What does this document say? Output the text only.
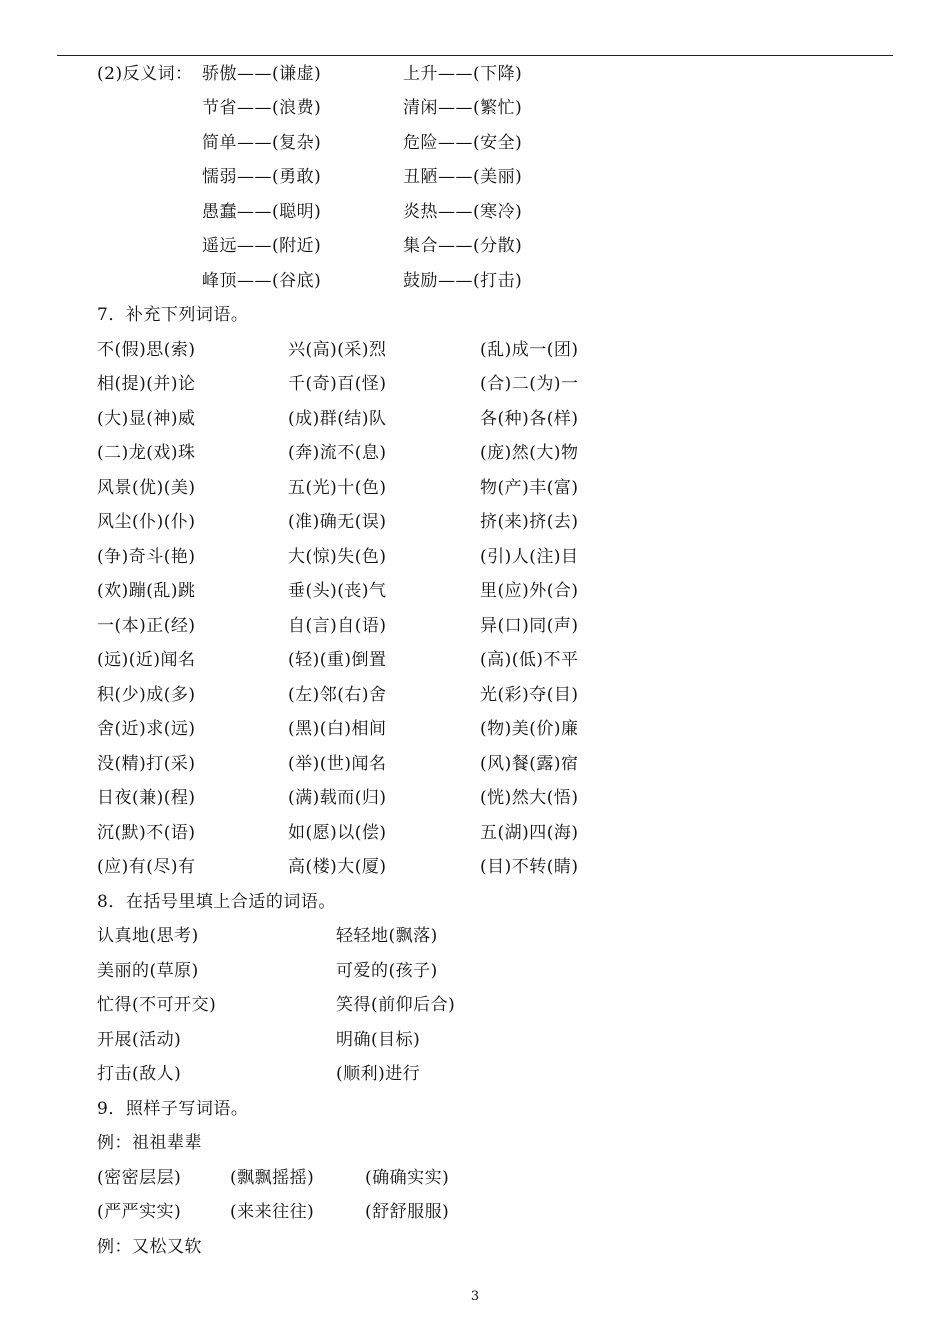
(2)反义词： 骄傲——(谦虚)	上升——(下降)
节省——(浪费)	清闲——(繁忙)
简单——(复杂)	危险——(安全)
懦弱——(勇敢)	丑陋——(美丽)
愚蠢——(聪明)	炎热——(寒冷)
遥远——(附近)	集合——(分散)
峰顶——(谷底)	鼓励——(打击)
7．补充下列词语。
不(假)思(索)	兴(高)(采)烈	(乱)成一(团)
相(提)(并)论	千(奇)百(怪)	(合)二(为)一
(大)显(神)威	(成)群(结)队	各(种)各(样)
(二)龙(戏)珠	(奔)流不(息)	(庞)然(大)物
风景(优)(美)	五(光)十(色)	物(产)丰(富)
风尘(仆)(仆)	(准)确无(误)	挤(来)挤(去)
(争)奇斗(艳)	大(惊)失(色)	(引)人(注)目
(欢)蹦(乱)跳	垂(头)(丧)气	里(应)外(合)
一(本)正(经)	自(言)自(语)	异(口)同(声)
(远)(近)闻名	(轻)(重)倒置	(高)(低)不平
积(少)成(多)	(左)邻(右)舍	光(彩)夺(目)
舍(近)求(远)	(黑)(白)相间	(物)美(价)廉
没(精)打(采)	(举)(世)闻名	(风)餐(露)宿
日夜(兼)(程)	(满)载而(归)	(恍)然大(悟)
沉(默)不(语)	如(愿)以(偿)	五(湖)四(海)
(应)有(尽)有	高(楼)大(厦)	(目)不转(睛)
8．在括号里填上合适的词语。
认真地(思考)	轻轻地(飘落)
美丽的(草原)	可爱的(孩子)
忙得(不可开交)	笑得(前仰后合)
开展(活动)	明确(目标)
打击(敌人)	(顺利)进行
9．照样子写词语。
例：祖祖辈辈
(密密层层)	(飘飘摇摇)	(确确实实)
(严严实实)	(来来往往)	(舒舒服服)
例：又松又软
3
